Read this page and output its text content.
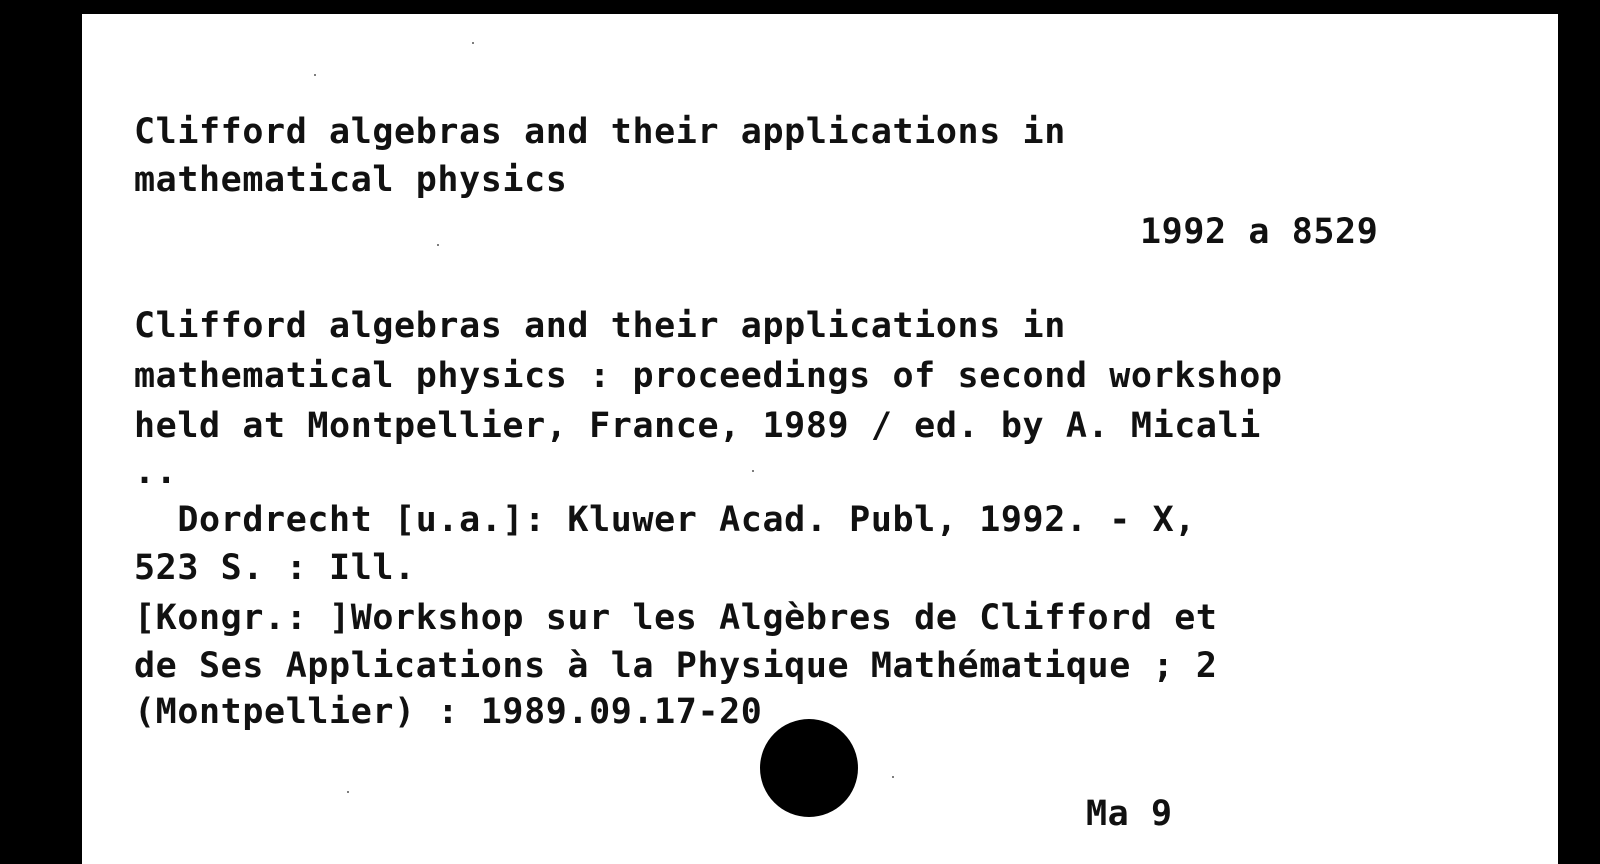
Clifford algebras and their applications in

mathematical physics

1992 a 8529

Clifford algebras and their applications in

mathematical physics : proceedings of second workshop

held at Montpellier, France, 1989 / ed. by A. Micali

..

Dordrecht [u.a.]: Kluwer Acad. Publ, 1992. - X,

523 S. : Ill.

[Kongr.: ]Workshop sur les Algèbres de Clifford et

de Ses Applications à la Physique Mathématique ; 2

(Montpellier) : 1989.09.17-20

Ma 9
